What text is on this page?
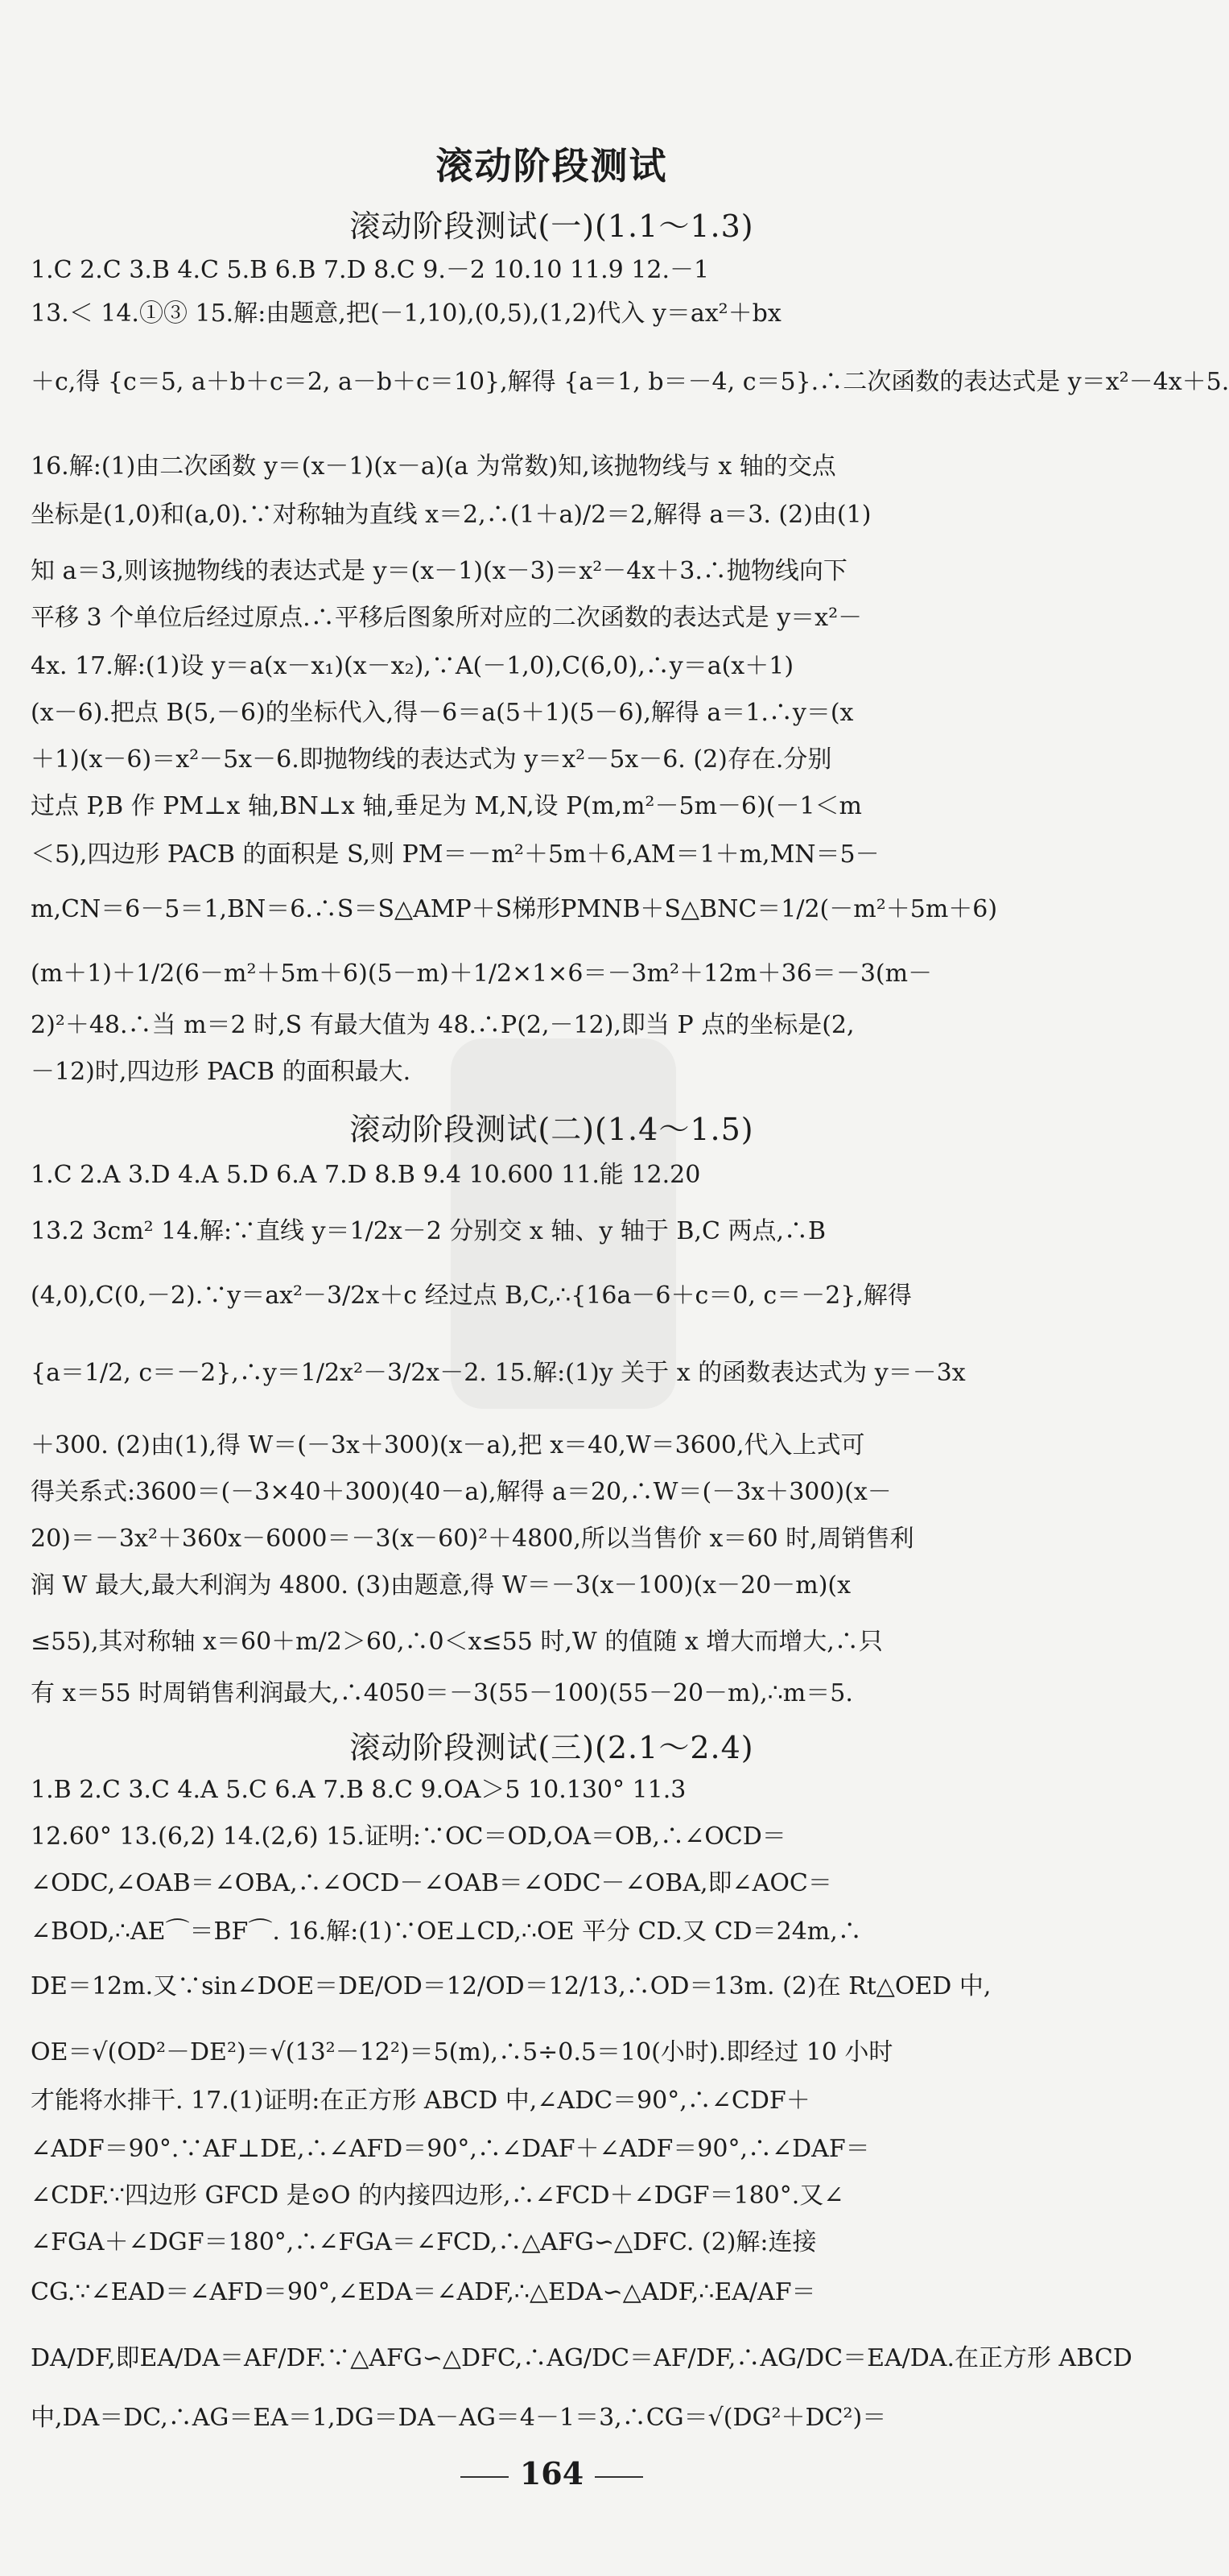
滚动阶段测试
滚动阶段测试(一)(1.1～1.3)
1.C 2.C 3.B 4.C 5.B 6.B 7.D 8.C 9.－2 10.10 11.9 12.－1
13.＜ 14.①③ 15.解:由题意,把(－1,10),(0,5),(1,2)代入 y＝ax²＋bx
＋c,得 {c＝5, a＋b＋c＝2, a－b＋c＝10},解得 {a＝1, b＝－4, c＝5}.∴二次函数的表达式是 y＝x²－4x＋5.
16.解:(1)由二次函数 y＝(x－1)(x－a)(a 为常数)知,该抛物线与 x 轴的交点
坐标是(1,0)和(a,0).∵对称轴为直线 x＝2,∴(1＋a)/2＝2,解得 a＝3. (2)由(1)
知 a＝3,则该抛物线的表达式是 y＝(x－1)(x－3)＝x²－4x＋3.∴抛物线向下
平移 3 个单位后经过原点.∴平移后图象所对应的二次函数的表达式是 y＝x²－
4x. 17.解:(1)设 y＝a(x－x₁)(x－x₂),∵A(－1,0),C(6,0),∴y＝a(x＋1)
(x－6).把点 B(5,－6)的坐标代入,得－6＝a(5＋1)(5－6),解得 a＝1.∴y＝(x
＋1)(x－6)＝x²－5x－6.即抛物线的表达式为 y＝x²－5x－6. (2)存在.分别
过点 P,B 作 PM⊥x 轴,BN⊥x 轴,垂足为 M,N,设 P(m,m²－5m－6)(－1＜m
＜5),四边形 PACB 的面积是 S,则 PM＝－m²＋5m＋6,AM＝1＋m,MN＝5－
m,CN＝6－5＝1,BN＝6.∴S＝S△AMP＋S梯形PMNB＋S△BNC＝1/2(－m²＋5m＋6)
(m＋1)＋1/2(6－m²＋5m＋6)(5－m)＋1/2×1×6＝－3m²＋12m＋36＝－3(m－
2)²＋48.∴当 m＝2 时,S 有最大值为 48.∴P(2,－12),即当 P 点的坐标是(2,
－12)时,四边形 PACB 的面积最大.
滚动阶段测试(二)(1.4～1.5)
1.C 2.A 3.D 4.A 5.D 6.A 7.D 8.B 9.4 10.600 11.能 12.20
13.2 3cm² 14.解:∵直线 y＝1/2x－2 分别交 x 轴、y 轴于 B,C 两点,∴B
(4,0),C(0,－2).∵y＝ax²－3/2x＋c 经过点 B,C,∴{16a－6＋c＝0, c＝－2},解得
{a＝1/2, c＝－2},∴y＝1/2x²－3/2x－2. 15.解:(1)y 关于 x 的函数表达式为 y＝－3x
＋300. (2)由(1),得 W＝(－3x＋300)(x－a),把 x＝40,W＝3600,代入上式可
得关系式:3600＝(－3×40＋300)(40－a),解得 a＝20,∴W＝(－3x＋300)(x－
20)＝－3x²＋360x－6000＝－3(x－60)²＋4800,所以当售价 x＝60 时,周销售利
润 W 最大,最大利润为 4800. (3)由题意,得 W＝－3(x－100)(x－20－m)(x
≤55),其对称轴 x＝60＋m/2＞60,∴0＜x≤55 时,W 的值随 x 增大而增大,∴只
有 x＝55 时周销售利润最大,∴4050＝－3(55－100)(55－20－m),∴m＝5.
滚动阶段测试(三)(2.1～2.4)
1.B 2.C 3.C 4.A 5.C 6.A 7.B 8.C 9.OA＞5 10.130° 11.3
12.60° 13.(6,2) 14.(2,6) 15.证明:∵OC＝OD,OA＝OB,∴∠OCD＝
∠ODC,∠OAB＝∠OBA,∴∠OCD－∠OAB＝∠ODC－∠OBA,即∠AOC＝
∠BOD,∴AE⌒＝BF⌒. 16.解:(1)∵OE⊥CD,∴OE 平分 CD.又 CD＝24m,∴
DE＝12m.又∵sin∠DOE＝DE/OD＝12/OD＝12/13,∴OD＝13m. (2)在 Rt△OED 中,
OE＝√(OD²－DE²)＝√(13²－12²)＝5(m),∴5÷0.5＝10(小时).即经过 10 小时
才能将水排干. 17.(1)证明:在正方形 ABCD 中,∠ADC＝90°,∴∠CDF＋
∠ADF＝90°.∵AF⊥DE,∴∠AFD＝90°,∴∠DAF＋∠ADF＝90°,∴∠DAF＝
∠CDF.∵四边形 GFCD 是⊙O 的内接四边形,∴∠FCD＋∠DGF＝180°.又∠
∠FGA＋∠DGF＝180°,∴∠FGA＝∠FCD,∴△AFG∽△DFC. (2)解:连接
CG.∵∠EAD＝∠AFD＝90°,∠EDA＝∠ADF,∴△EDA∽△ADF,∴EA/AF＝
DA/DF,即EA/DA＝AF/DF.∵△AFG∽△DFC,∴AG/DC＝AF/DF,∴AG/DC＝EA/DA.在正方形 ABCD
中,DA＝DC,∴AG＝EA＝1,DG＝DA－AG＝4－1＝3,∴CG＝√(DG²＋DC²)＝
164
